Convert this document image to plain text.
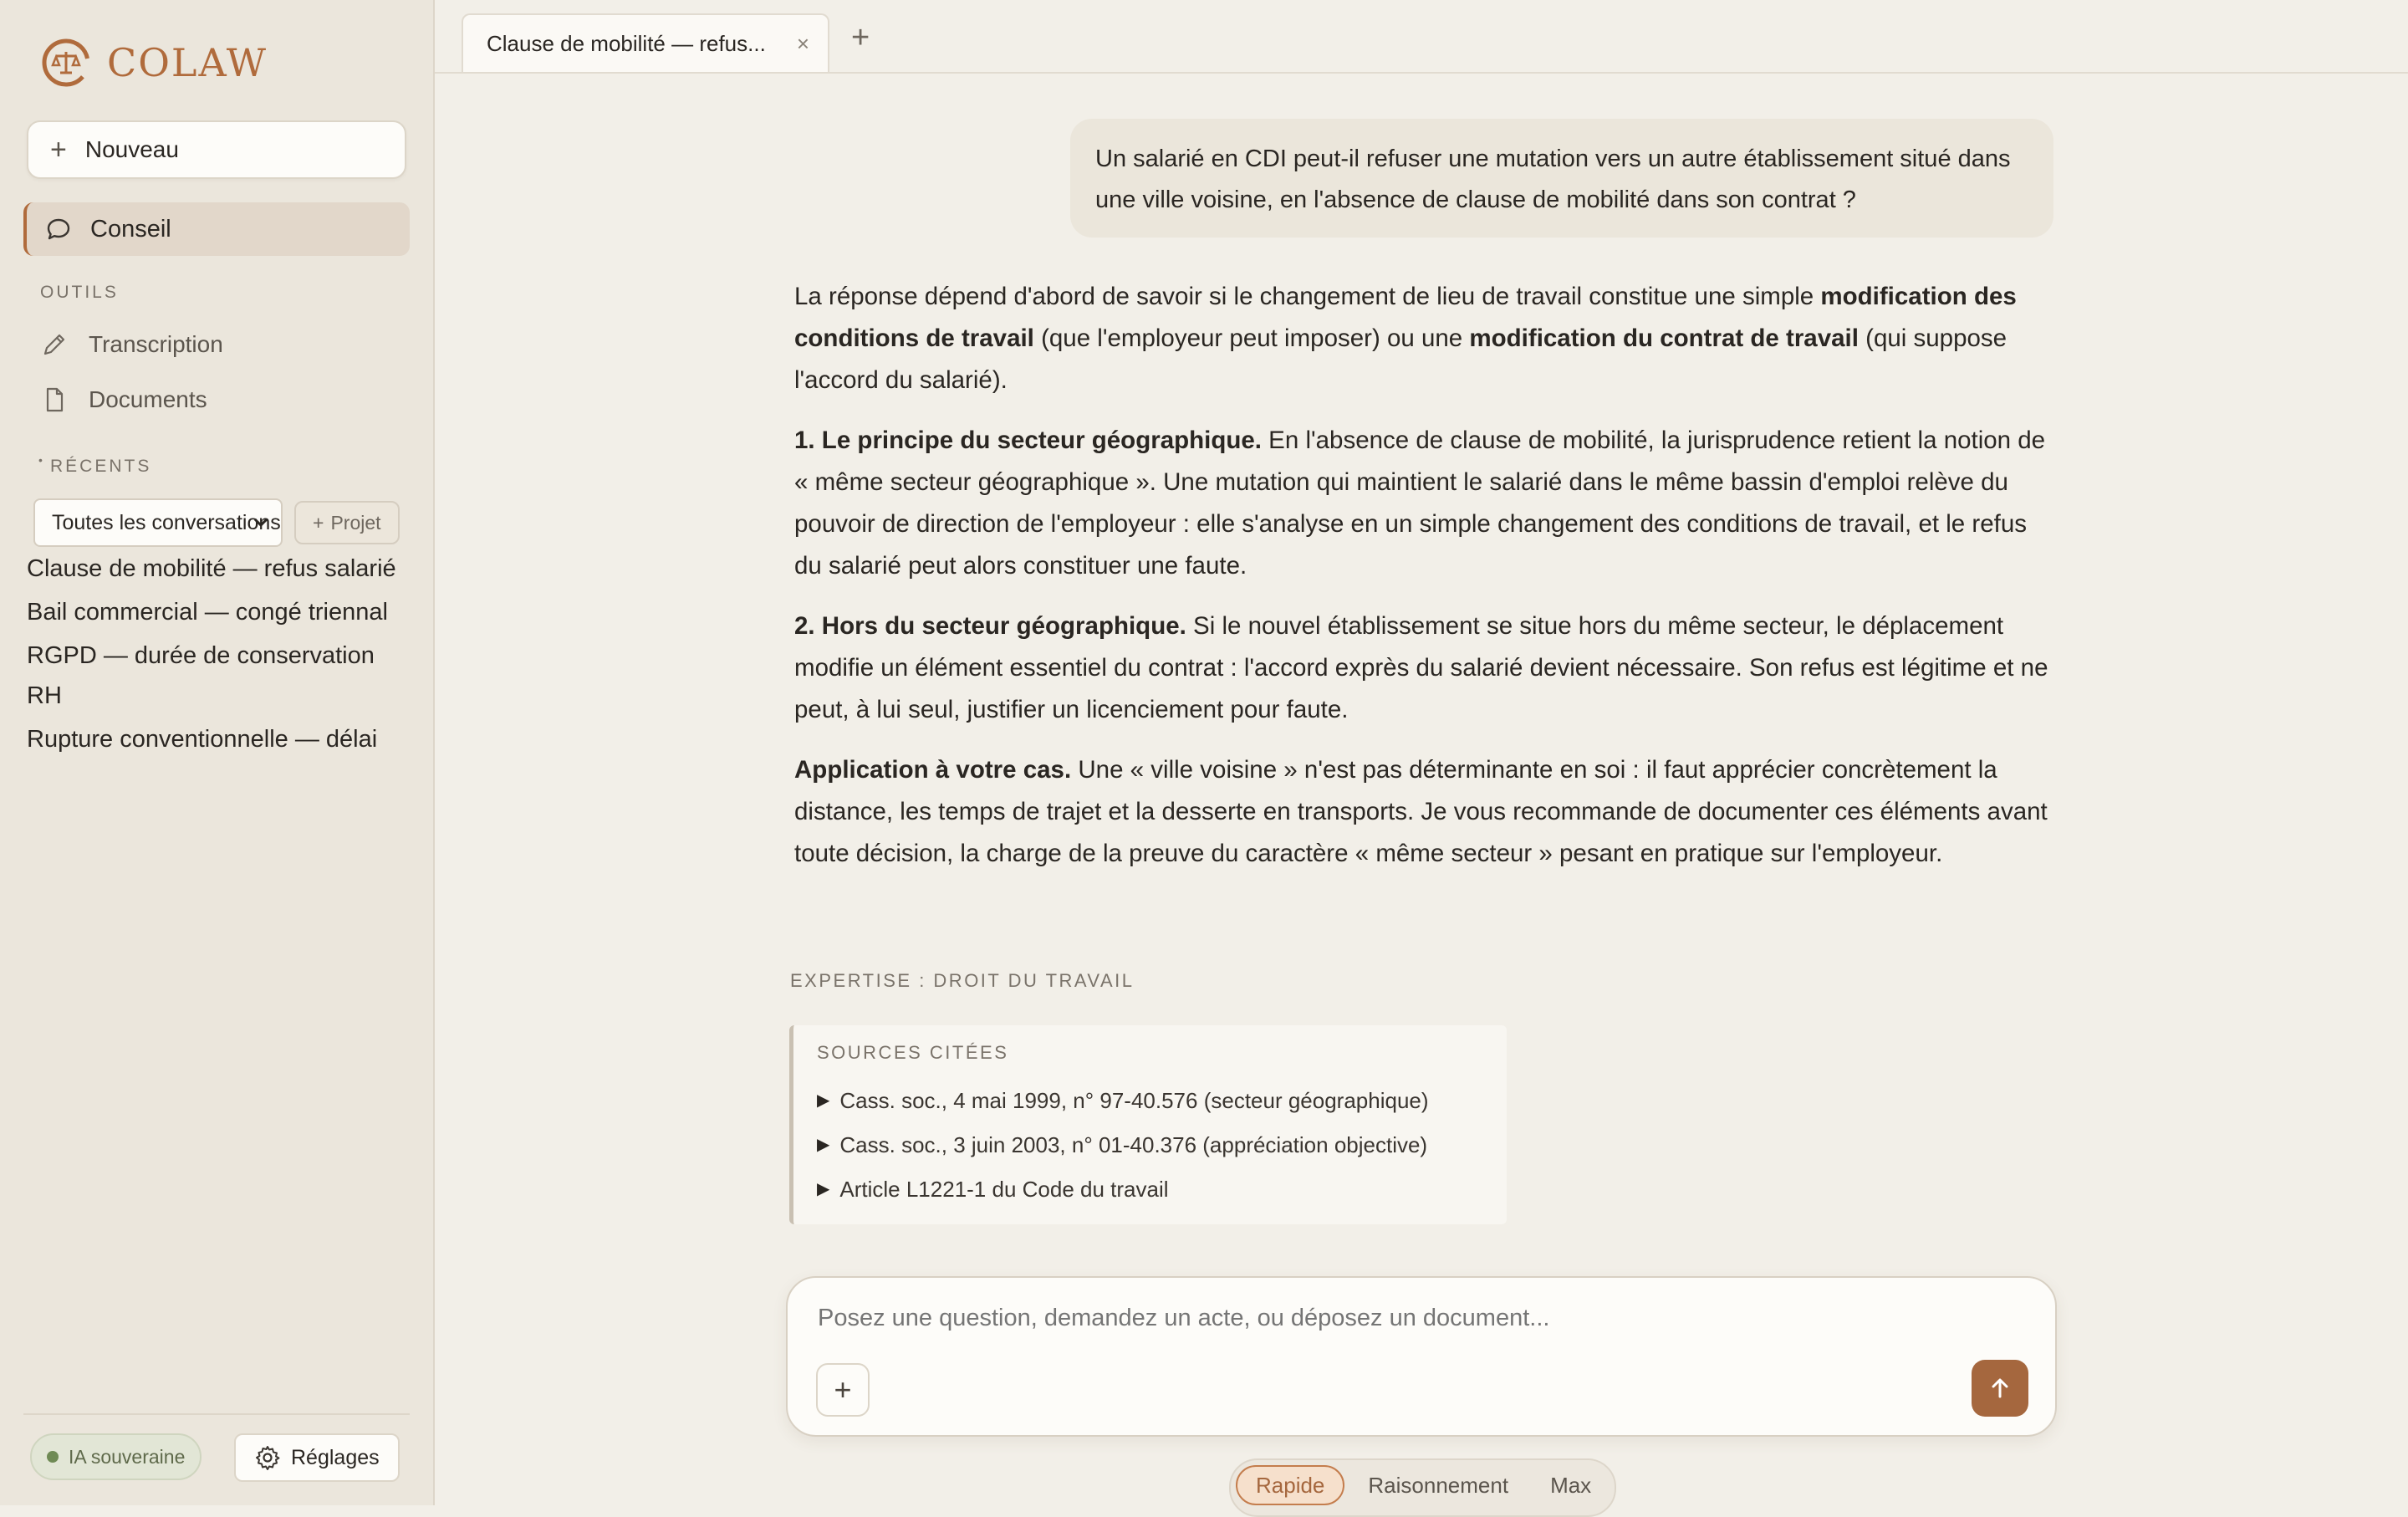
COLAW
+ Nouveau
Conseil
OUTILS
Transcription
Documents
• RÉCENTS
Toutes les conversations + Projet
Clause de mobilité — refus salarié
Bail commercial — congé triennal
RGPD — durée de conservation RH
Rupture conventionnelle — délai
IA souveraine	Réglages
Clause de mobilité — refus... × +
Un salarié en CDI peut-il refuser une mutation vers un autre établissement situé dans une ville voisine, en l'absence de clause de mobilité dans son contrat ?

La réponse dépend d'abord de savoir si le changement de lieu de travail constitue une simple modification des conditions de travail (que l'employeur peut imposer) ou une modification du contrat de travail (qui suppose l'accord du salarié).

1. Le principe du secteur géographique. En l'absence de clause de mobilité, la jurisprudence retient la notion de « même secteur géographique ». Une mutation qui maintient le salarié dans le même bassin d'emploi relève du pouvoir de direction de l'employeur : elle s'analyse en un simple changement des conditions de travail, et le refus du salarié peut alors constituer une faute.

2. Hors du secteur géographique. Si le nouvel établissement se situe hors du même secteur, le déplacement modifie un élément essentiel du contrat : l'accord exprès du salarié devient nécessaire. Son refus est légitime et ne peut, à lui seul, justifier un licenciement pour faute.

Application à votre cas. Une « ville voisine » n'est pas déterminante en soi : il faut apprécier concrètement la distance, les temps de trajet et la desserte en transports. Je vous recommande de documenter ces éléments avant toute décision, la charge de la preuve du caractère « même secteur » pesant en pratique sur l'employeur.

EXPERTISE : DROIT DU TRAVAIL
SOURCES CITÉES
▶ Cass. soc., 4 mai 1999, n° 97-40.576 (secteur géographique)
▶ Cass. soc., 3 juin 2003, n° 01-40.376 (appréciation objective)
▶ Article L1221-1 du Code du travail
Posez une question, demandez un acte, ou déposez un document...
+
Rapide	Raisonnement	Max
